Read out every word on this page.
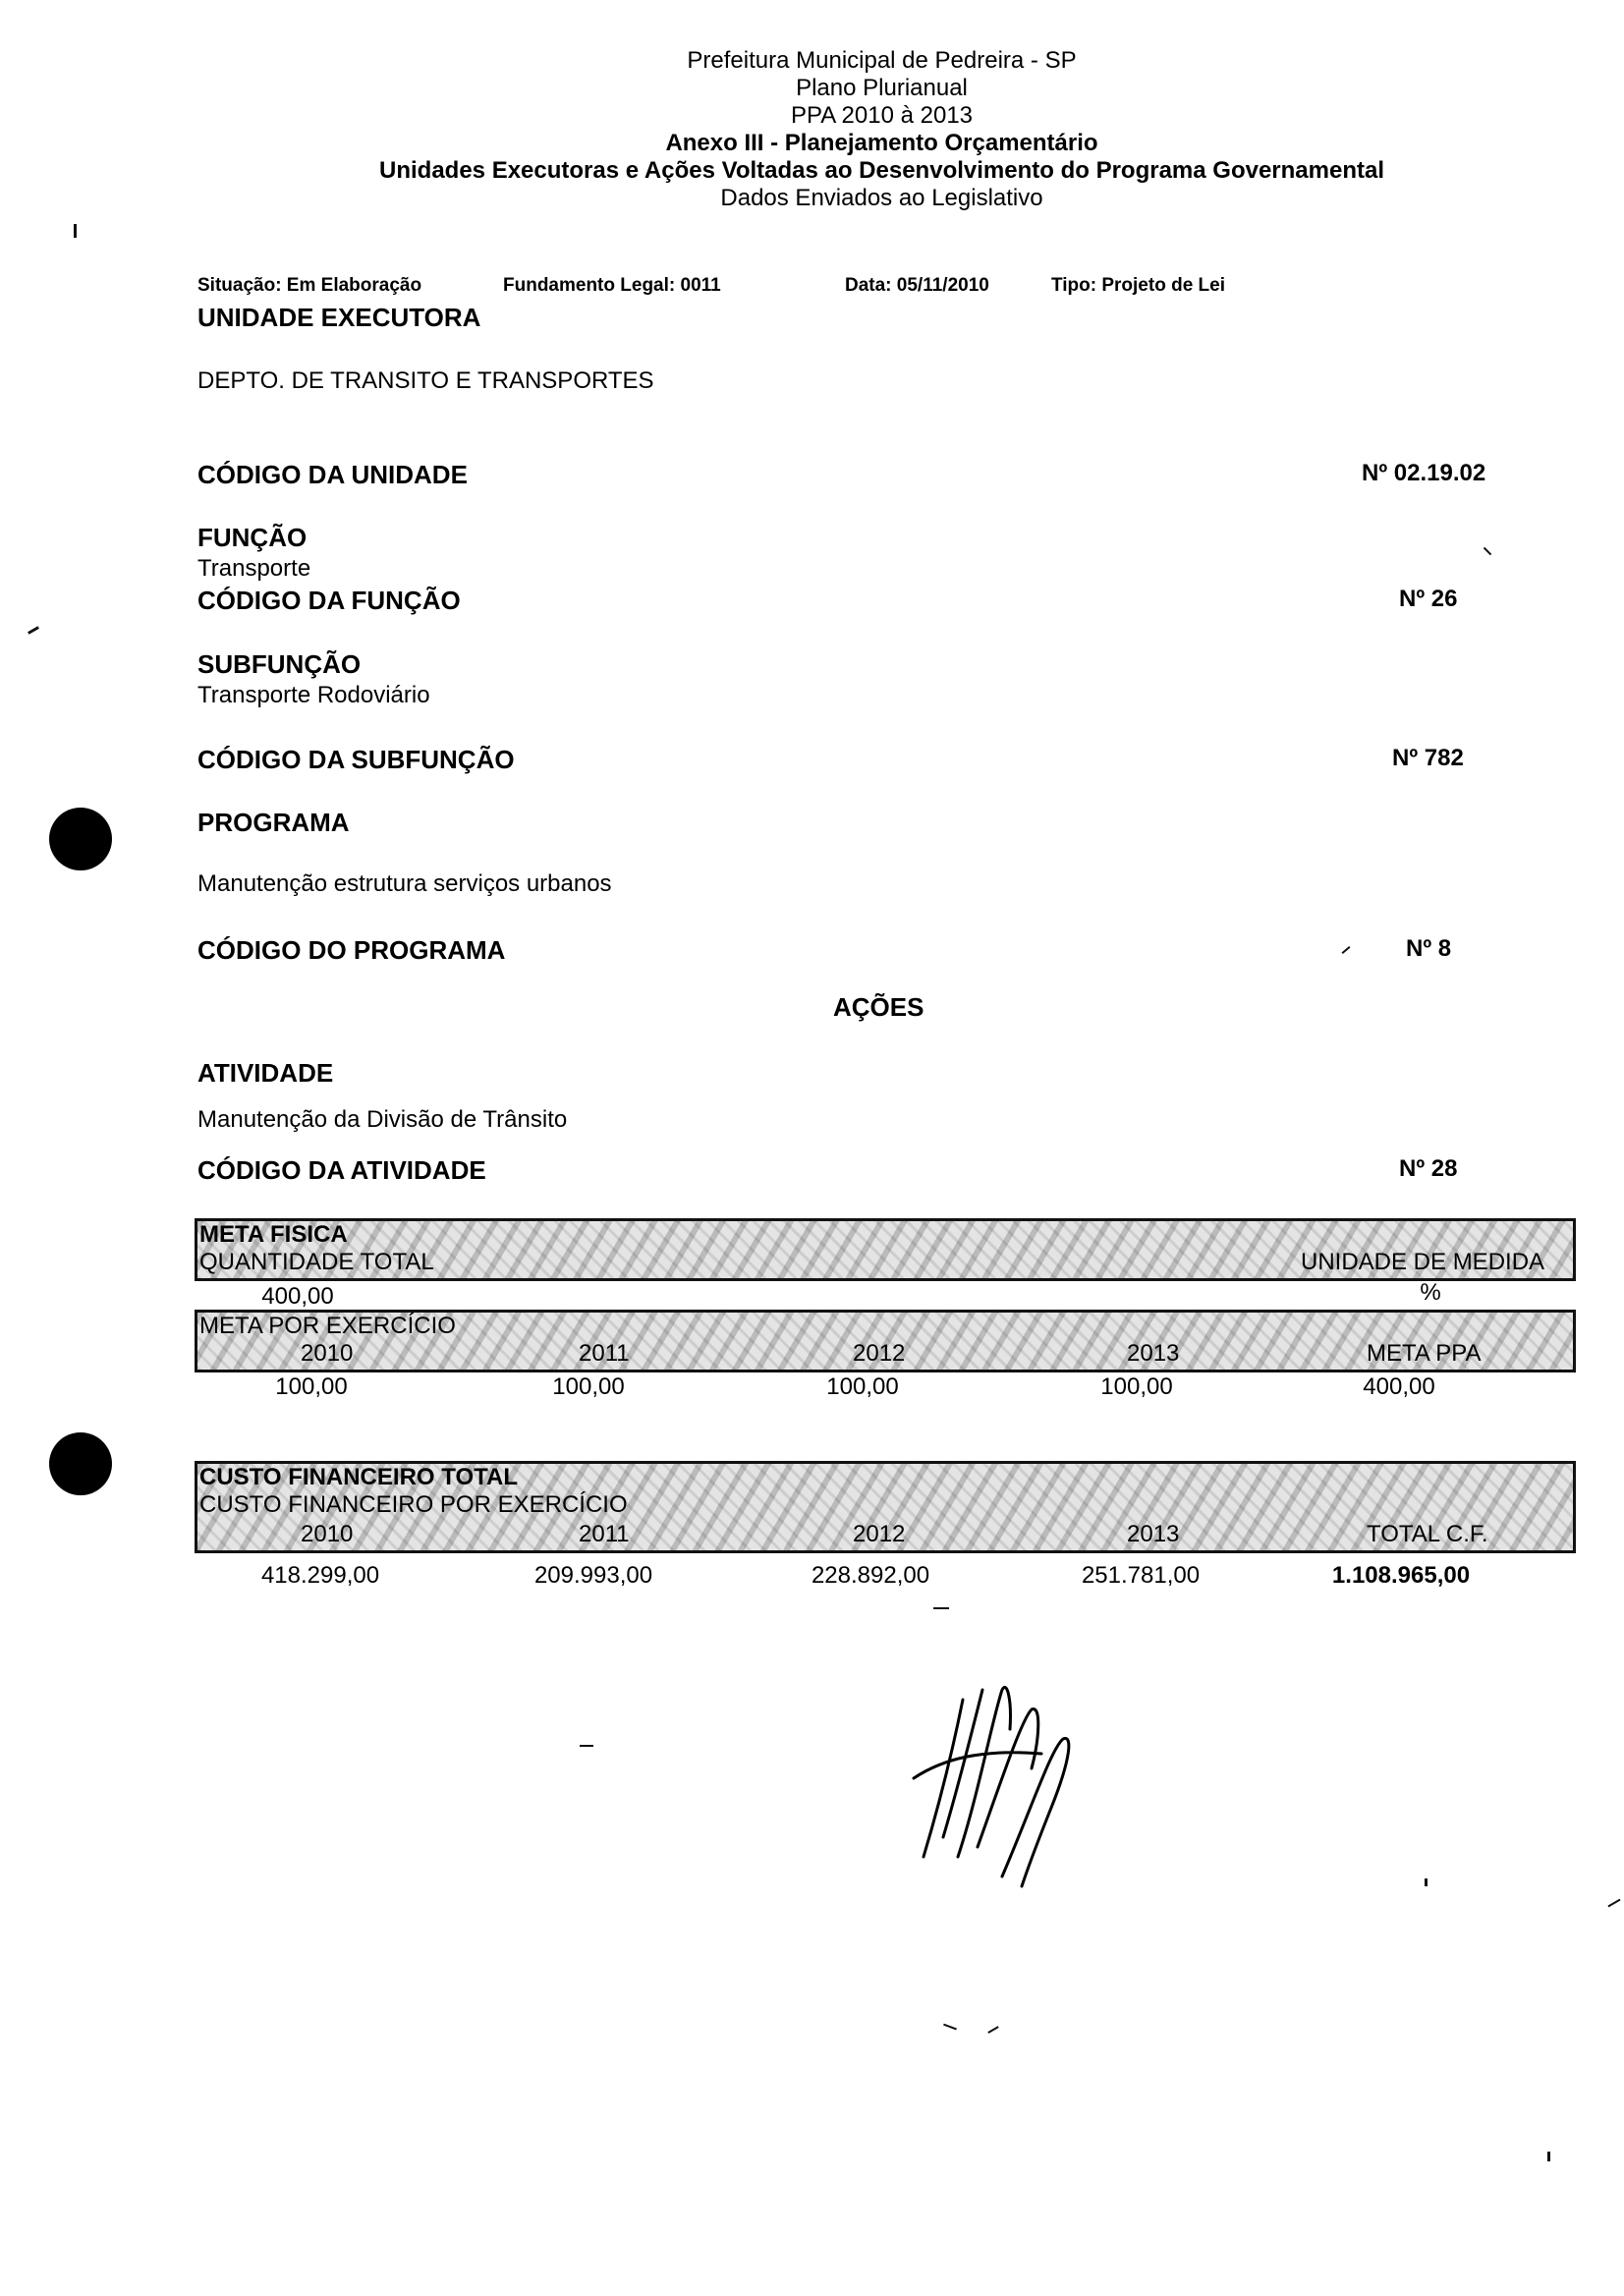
Prefeitura Municipal de Pedreira - SP
Plano Plurianual
PPA 2010 à 2013
Anexo III - Planejamento Orçamentário
Unidades Executoras e Ações Voltadas ao Desenvolvimento do Programa Governamental
Dados Enviados ao Legislativo
Situação: Em Elaboração	Fundamento Legal: 0011	Data: 05/11/2010	Tipo: Projeto de Lei
UNIDADE EXECUTORA
DEPTO. DE TRANSITO E TRANSPORTES
CÓDIGO DA UNIDADE	Nº 02.19.02
FUNÇÃO
Transporte
CÓDIGO DA FUNÇÃO	Nº 26
SUBFUNÇÃO
Transporte Rodoviário
CÓDIGO DA SUBFUNÇÃO	Nº 782
PROGRAMA
Manutenção estrutura serviços urbanos
CÓDIGO DO PROGRAMA	Nº 8
AÇÕES
ATIVIDADE
Manutenção da Divisão de Trânsito
CÓDIGO DA ATIVIDADE	Nº 28
META FISICA
QUANTIDADE TOTAL	UNIDADE DE MEDIDA
400,00	%
META POR EXERCÍCIO
2010	2011	2012	2013	META PPA
100,00	100,00	100,00	100,00	400,00
CUSTO FINANCEIRO TOTAL
CUSTO FINANCEIRO POR EXERCÍCIO
2010	2011	2012	2013	TOTAL C.F.
418.299,00	209.993,00	228.892,00	251.781,00	1.108.965,00
